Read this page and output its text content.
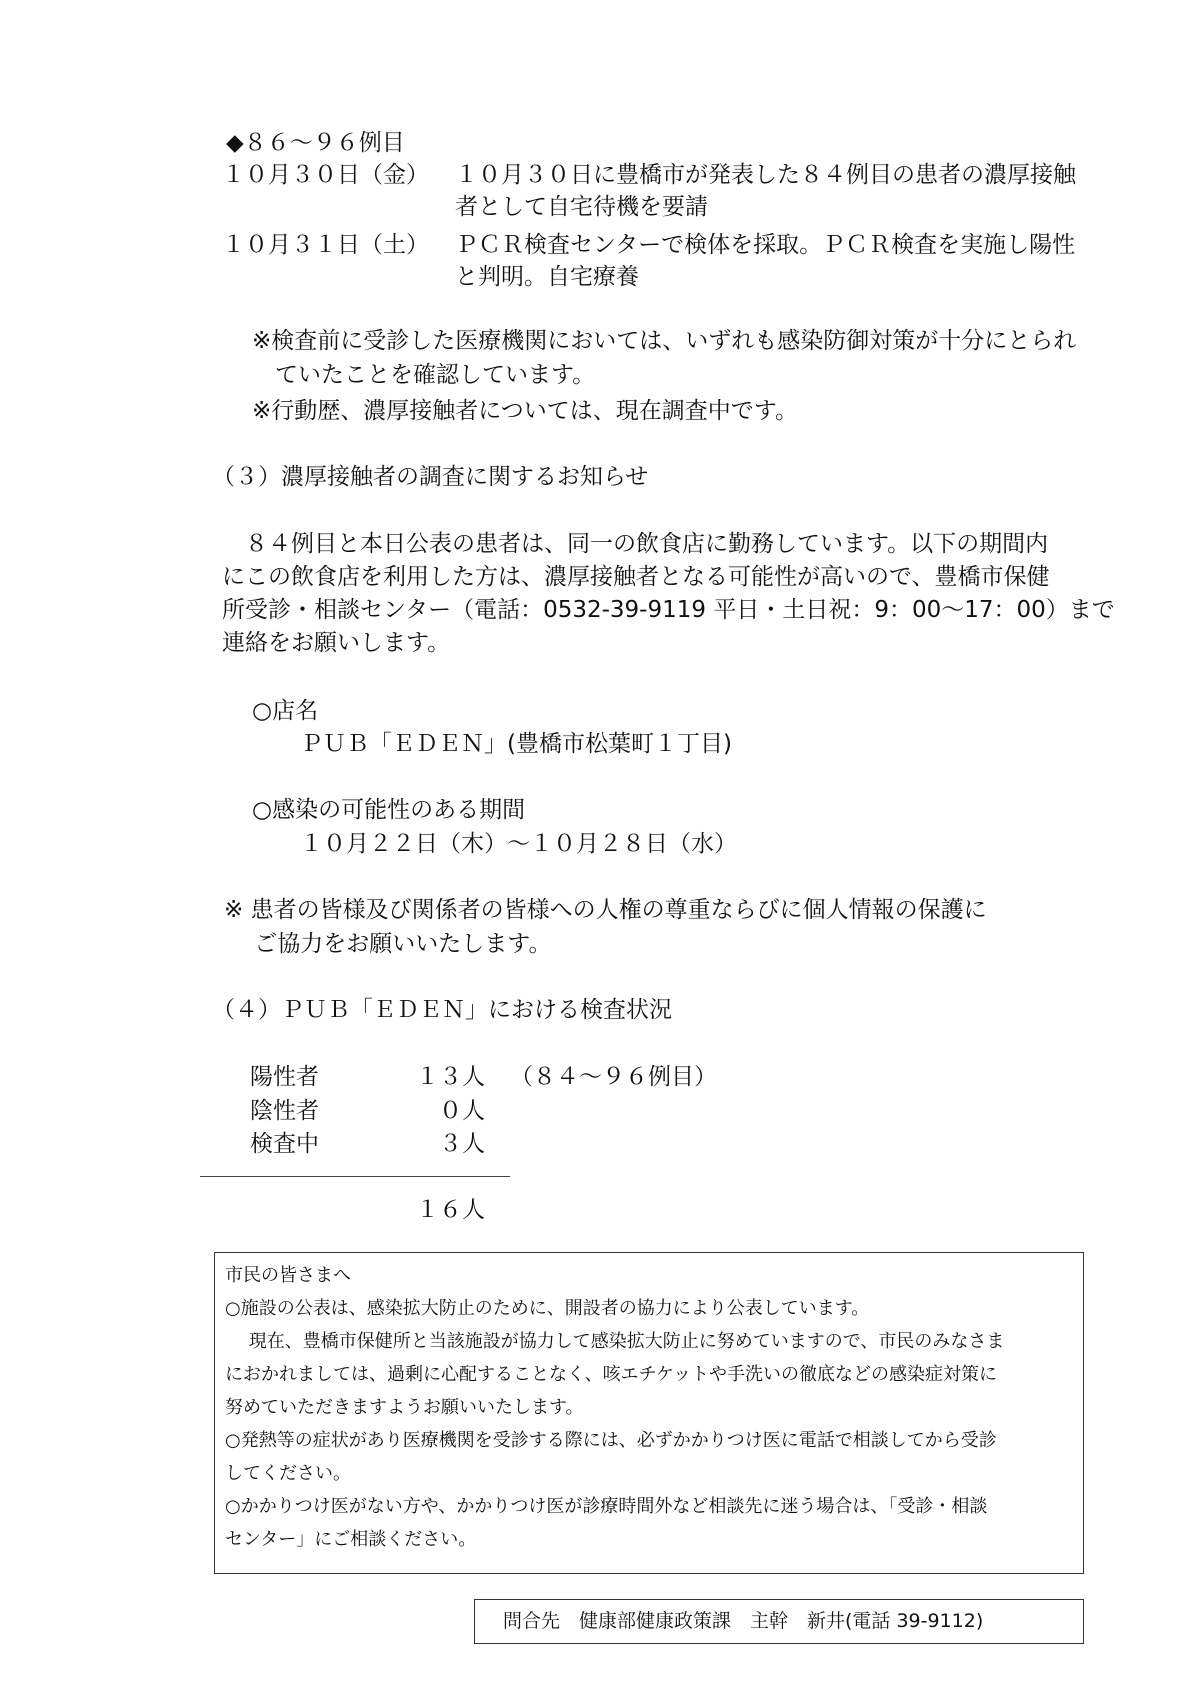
◆８６～９６例目
１０月３０日（金） １０月３０日に豊橋市が発表した８４例目の患者の濃厚接触
者として自宅待機を要請
１０月３１日（土） ＰＣＲ検査センターで検体を採取。ＰＣＲ検査を実施し陽性
と判明。自宅療養
※検査前に受診した医療機関においては、いずれも感染防御対策が十分にとられ
　ていたことを確認しています。
※行動歴、濃厚接触者については、現在調査中です。
（３）濃厚接触者の調査に関するお知らせ
　８４例目と本日公表の患者は、同一の飲食店に勤務しています。以下の期間内
にこの飲食店を利用した方は、濃厚接触者となる可能性が高いので、豊橋市保健
所受診・相談センター（電話：0532-39-9119 平日・土日祝：9：00～17：00）まで
連絡をお願いします。
○店名
ＰＵＢ「ＥＤＥＮ」(豊橋市松葉町１丁目)
○感染の可能性のある期間
１０月２２日（木）～１０月２８日（水）
※ 患者の皆様及び関係者の皆様への人権の尊重ならびに個人情報の保護に
　 ご協力をお願いいたします。
（４）ＰＵＢ「ＥＤＥＮ」における検査状況
陽性者	１３人 （８４～９６例目）
陰性者	０人
検査中	３人
１６人
市民の皆さまへ
○施設の公表は、感染拡大防止のために、開設者の協力により公表しています。
　 現在、豊橋市保健所と当該施設が協力して感染拡大防止に努めていますので、市民のみなさま
におかれましては、過剰に心配することなく、咳エチケットや手洗いの徹底などの感染症対策に
努めていただきますようお願いいたします。
○発熱等の症状があり医療機関を受診する際には、必ずかかりつけ医に電話で相談してから受診
してください。
○かかりつけ医がない方や、かかりつけ医が診療時間外など相談先に迷う場合は、「受診・相談
センター」にご相談ください。
問合先　健康部健康政策課　主幹　新井(電話 39-9112)
